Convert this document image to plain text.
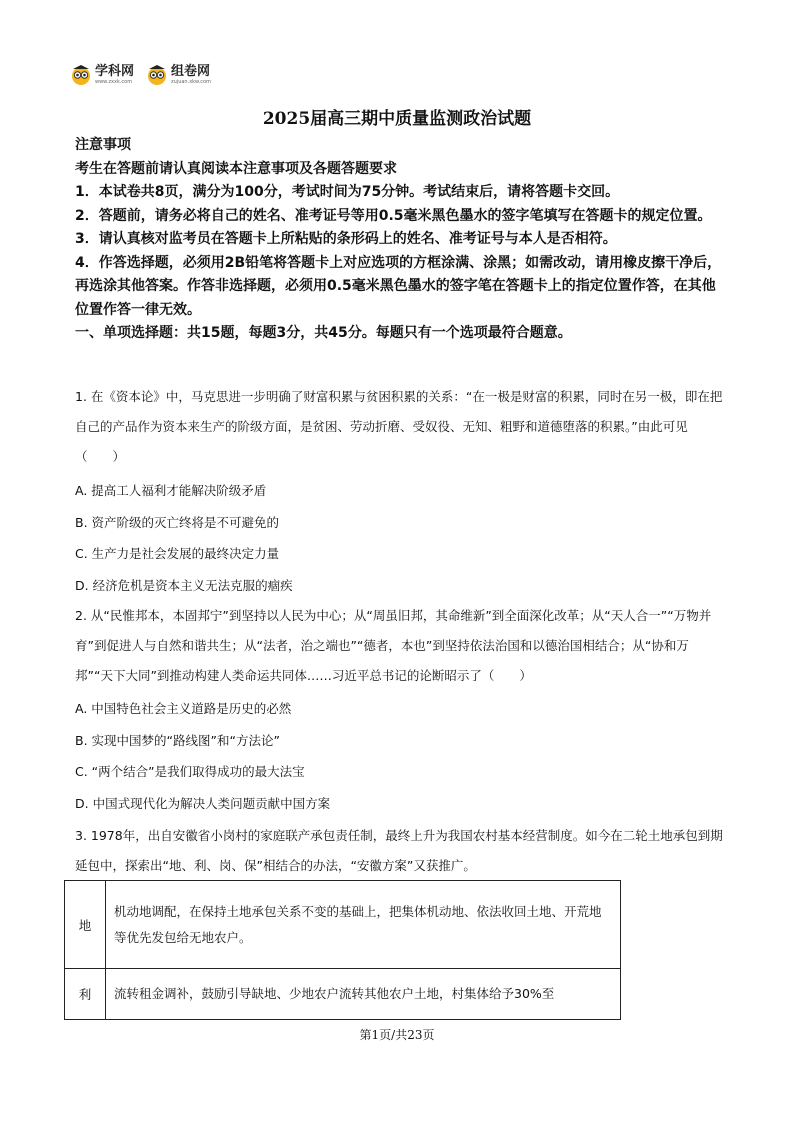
学科网
www.zxxk.com
组卷网
zujuan.xkw.com
2025届高三期中质量监测政治试题

注意事项

考生在答题前请认真阅读本注意事项及各题答题要求

1．本试卷共8页，满分为100分，考试时间为75分钟。考试结束后，请将答题卡交回。

2．答题前，请务必将自己的姓名、准考证号等用0.5毫米黑色墨水的签字笔填写在答题卡的规定位置。

3．请认真核对监考员在答题卡上所粘贴的条形码上的姓名、准考证号与本人是否相符。

4．作答选择题，必须用2B铅笔将答题卡上对应选项的方框涂满、涂黑；如需改动，请用橡皮擦干净后，再选涂其他答案。作答非选择题，必须用0.5毫米黑色墨水的签字笔在答题卡上的指定位置作答，在其他位置作答一律无效。

一、单项选择题：共15题，每题3分，共45分。每题只有一个选项最符合题意。

1. 在《资本论》中，马克思进一步明确了财富积累与贫困积累的关系：“在一极是财富的积累，同时在另一极，即在把自己的产品作为资本来生产的阶级方面，是贫困、劳动折磨、受奴役、无知、粗野和道德堕落的积累。”由此可见（　　）

A. 提高工人福利才能解决阶级矛盾

B. 资产阶级的灭亡终将是不可避免的

C. 生产力是社会发展的最终决定力量

D. 经济危机是资本主义无法克服的痼疾

2. 从“民惟邦本，本固邦宁”到坚持以人民为中心；从“周虽旧邦，其命维新”到全面深化改革；从“天人合一”“万物并育”到促进人与自然和谐共生；从“法者，治之端也”“德者，本也”到坚持依法治国和以德治国相结合；从“协和万邦”“天下大同”到推动构建人类命运共同体……习近平总书记的论断昭示了（　　）

A. 中国特色社会主义道路是历史的必然

B. 实现中国梦的“路线图”和“方法论”

C. “两个结合”是我们取得成功的最大法宝

D. 中国式现代化为解决人类问题贡献中国方案

3. 1978年，出自安徽省小岗村的家庭联产承包责任制，最终上升为我国农村基本经营制度。如今在二轮土地承包到期延包中，探索出“地、利、岗、保”相结合的办法，“安徽方案”又获推广。

地	机动地调配，在保持土地承包关系不变的基础上，把集体机动地、依法收回土地、开荒地等优先发包给无地农户。
利	流转租金调补，鼓励引导缺地、少地农户流转其他农户土地，村集体给予30%至
第1页/共23页
